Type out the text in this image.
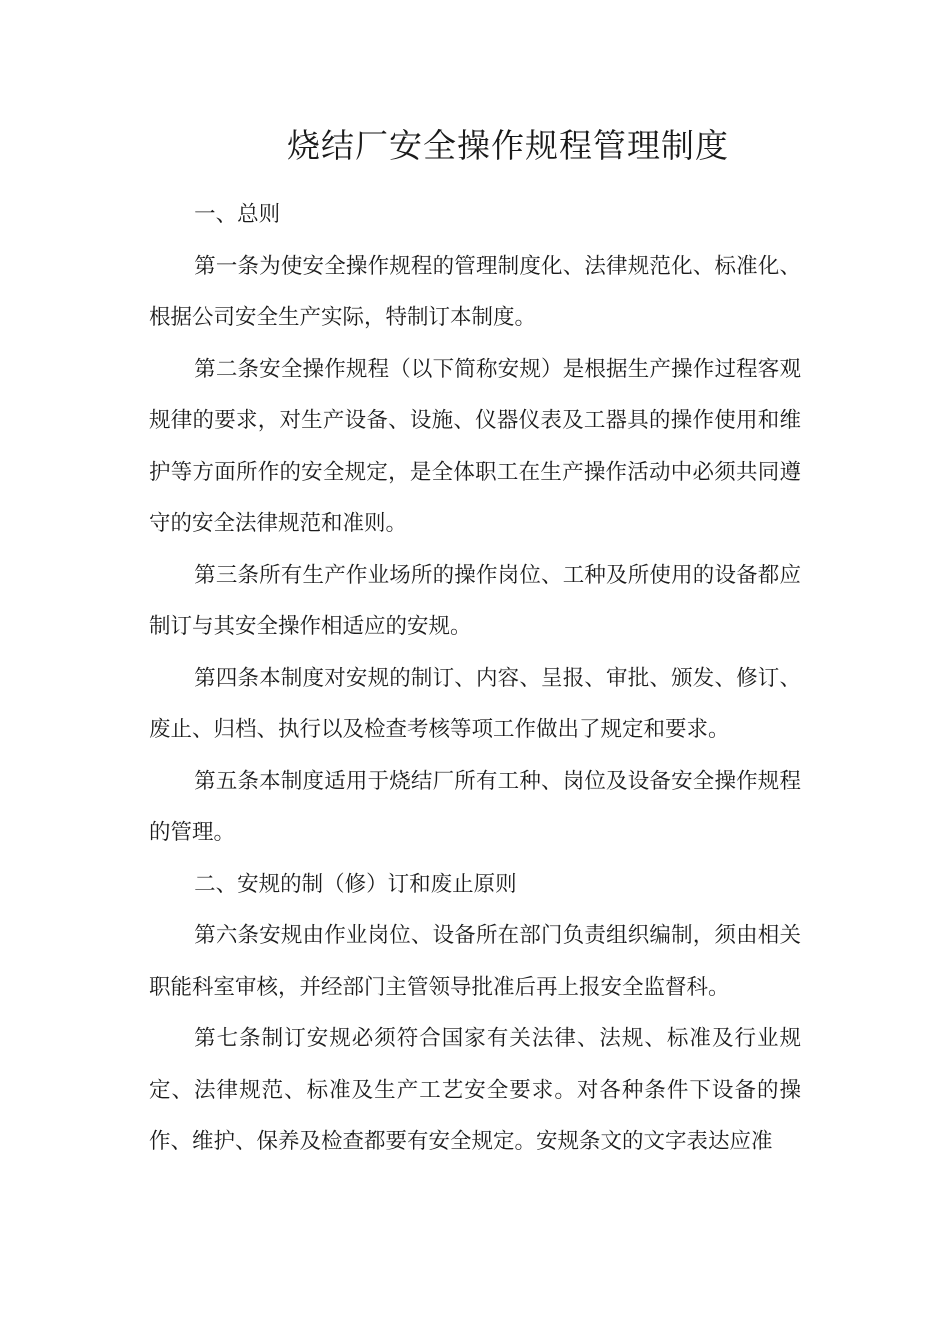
烧结厂安全操作规程管理制度

一、总则

第一条为使安全操作规程的管理制度化、法律规范化、标准化、根据公司安全生产实际，特制订本制度。

第二条安全操作规程（以下简称安规）是根据生产操作过程客观规律的要求，对生产设备、设施、仪器仪表及工器具的操作使用和维护等方面所作的安全规定，是全体职工在生产操作活动中必须共同遵守的安全法律规范和准则。

第三条所有生产作业场所的操作岗位、工种及所使用的设备都应制订与其安全操作相适应的安规。

第四条本制度对安规的制订、内容、呈报、审批、颁发、修订、废止、归档、执行以及检查考核等项工作做出了规定和要求。

第五条本制度适用于烧结厂所有工种、岗位及设备安全操作规程的管理。

二、安规的制（修）订和废止原则

第六条安规由作业岗位、设备所在部门负责组织编制，须由相关职能科室审核，并经部门主管领导批准后再上报安全监督科。

第七条制订安规必须符合国家有关法律、法规、标准及行业规定、法律规范、标准及生产工艺安全要求。对各种条件下设备的操作、维护、保养及检查都要有安全规定。安规条文的文字表达应准
